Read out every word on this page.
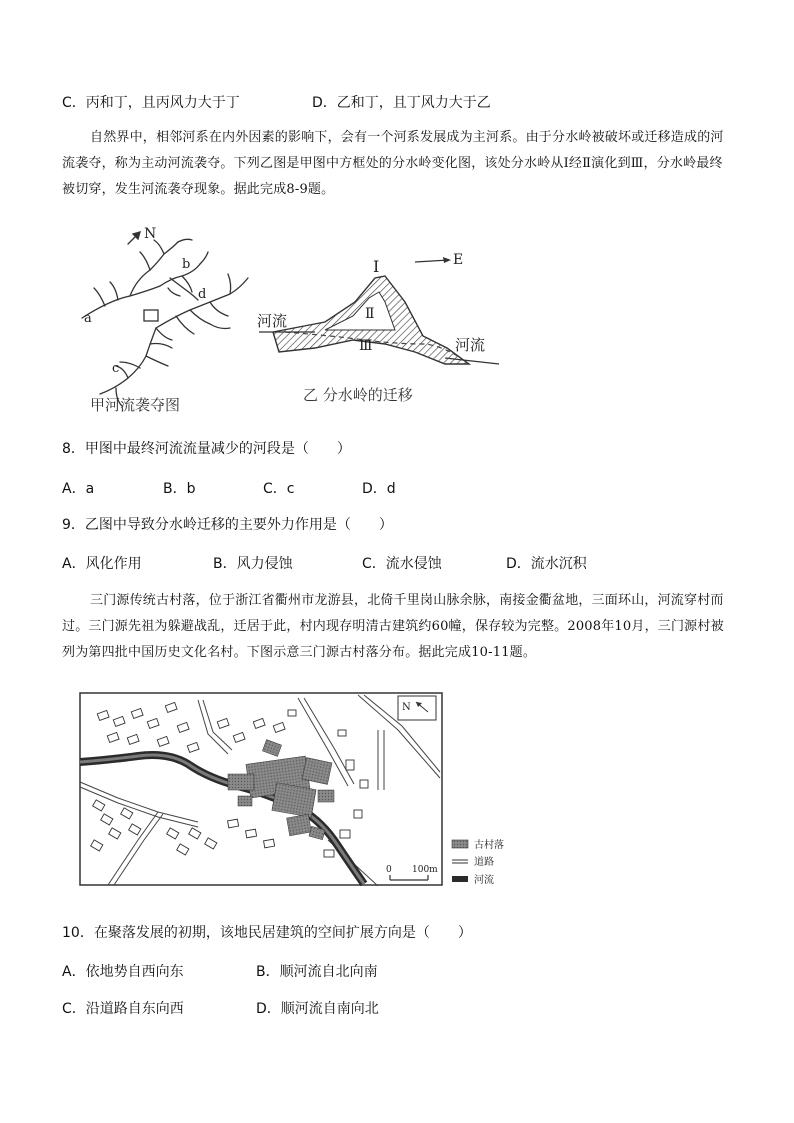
C．丙和丁，且丙风力大于丁	D．乙和丁，且丁风力大于乙

自然界中，相邻河系在内外因素的影响下，会有一个河系发展成为主河系。由于分水岭被破坏或迁移造成的河流袭夺，称为主动河流袭夺。下列乙图是甲图中方框处的分水岭变化图，该处分水岭从Ⅰ经Ⅱ演化到Ⅲ，分水岭最终被切穿，发生河流袭夺现象。据此完成8-9题。

N
b
a
d
c
甲河流袭夺图
E
Ⅰ
Ⅱ
Ⅲ
河流
河流
乙 分水岭的迁移
8．甲图中最终河流流量减少的河段是（　　）
A．a	B．b	C．c	D．d
9．乙图中导致分水岭迁移的主要外力作用是（　　）
A．风化作用	B．风力侵蚀	C．流水侵蚀	D．流水沉积

三门源传统古村落，位于浙江省衢州市龙游县，北倚千里岗山脉余脉，南接金衢盆地，三面环山，河流穿村而过。三门源先祖为躲避战乱，迁居于此，村内现存明清古建筑约60幢，保存较为完整。2008年10月，三门源村被列为第四批中国历史文化名村。下图示意三门源古村落分布。据此完成10-11题。

N
0 100m
古村落
道路
河流
10．在聚落发展的初期，该地民居建筑的空间扩展方向是（　　）
A．依地势自西向东	B．顺河流自北向南
C．沿道路自东向西	D．顺河流自南向北
